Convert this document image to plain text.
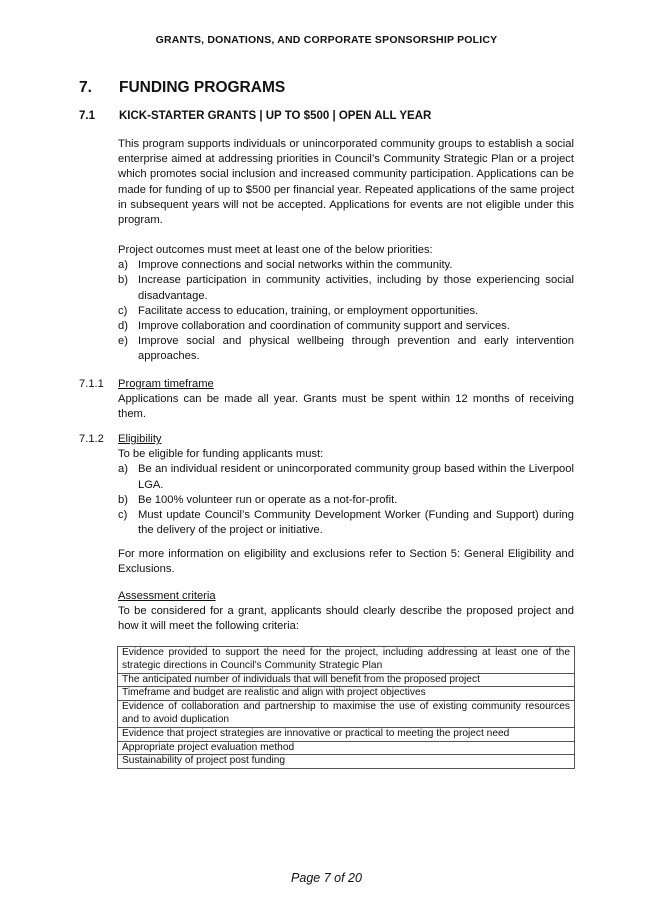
GRANTS, DONATIONS, AND CORPORATE SPONSORSHIP POLICY
7. FUNDING PROGRAMS
7.1 KICK-STARTER GRANTS | UP TO $500 | OPEN ALL YEAR

This program supports individuals or unincorporated community groups to establish a social enterprise aimed at addressing priorities in Council’s Community Strategic Plan or a project which promotes social inclusion and increased community participation. Applications can be made for funding of up to $500 per financial year. Repeated applications of the same project in subsequent years will not be accepted. Applications for events are not eligible under this program.

Project outcomes must meet at least one of the below priorities:
a) Improve connections and social networks within the community.
b) Increase participation in community activities, including by those experiencing social disadvantage.
c) Facilitate access to education, training, or employment opportunities.
d) Improve collaboration and coordination of community support and services.
e) Improve social and physical wellbeing through prevention and early intervention approaches.
7.1.1 Program timeframe
Applications can be made all year. Grants must be spent within 12 months of receiving them.
7.1.2 Eligibility
To be eligible for funding applicants must:
a) Be an individual resident or unincorporated community group based within the Liverpool LGA.
b) Be 100% volunteer run or operate as a not-for-profit.
c) Must update Council’s Community Development Worker (Funding and Support) during the delivery of the project or initiative.

For more information on eligibility and exclusions refer to Section 5: General Eligibility and Exclusions.

Assessment criteria
To be considered for a grant, applicants should clearly describe the proposed project and how it will meet the following criteria:
Evidence provided to support the need for the project, including addressing at least one of the strategic directions in Council’s Community Strategic Plan
The anticipated number of individuals that will benefit from the proposed project
Timeframe and budget are realistic and align with project objectives
Evidence of collaboration and partnership to maximise the use of existing community resources and to avoid duplication
Evidence that project strategies are innovative or practical to meeting the project need
Appropriate project evaluation method
Sustainability of project post funding
Page 7 of 20
